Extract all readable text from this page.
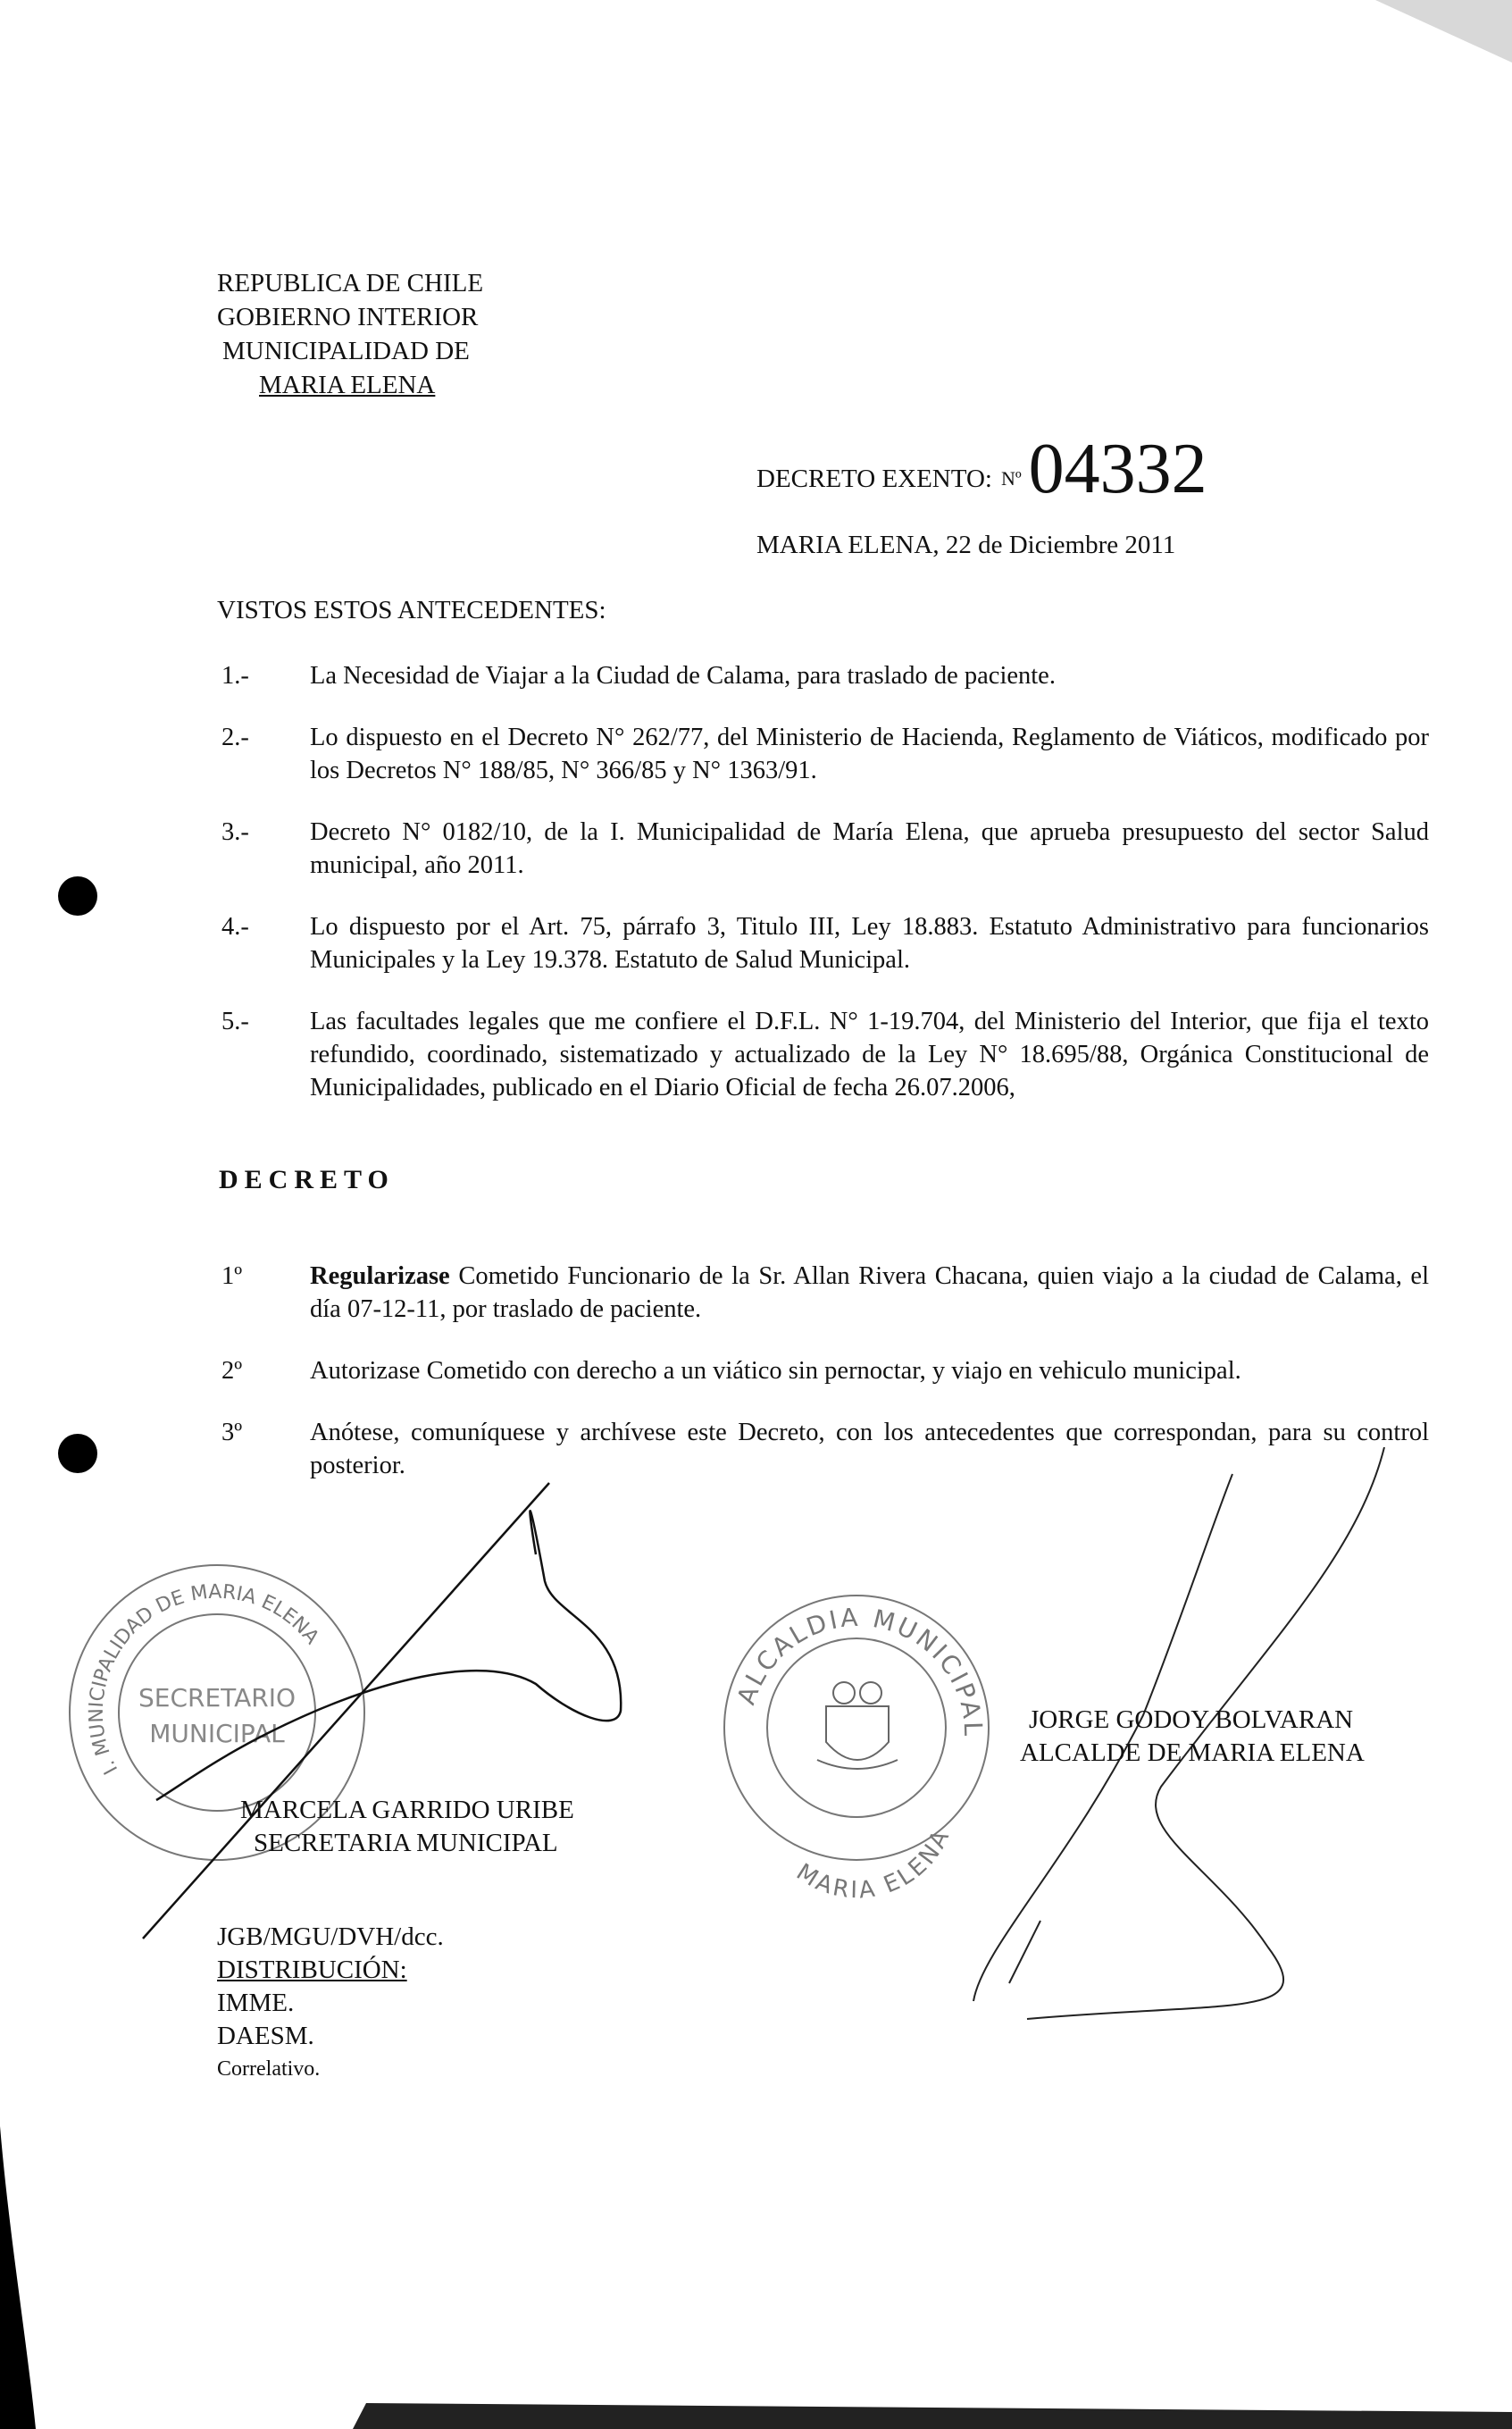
REPUBLICA DE CHILE
GOBIERNO INTERIOR
MUNICIPALIDAD DE
MARIA ELENA
DECRETO EXENTO: Nº 04332
MARIA ELENA, 22 de Diciembre 2011
VISTOS ESTOS ANTECEDENTES:
1.- La Necesidad de Viajar a la Ciudad de Calama, para traslado de paciente.
2.- Lo dispuesto en el Decreto N° 262/77, del Ministerio de Hacienda, Reglamento de Viáticos, modificado por los Decretos N° 188/85, N° 366/85 y N° 1363/91.
3.- Decreto N° 0182/10, de la I. Municipalidad de María Elena, que aprueba presupuesto del sector Salud municipal, año 2011.
4.- Lo dispuesto por el Art. 75, párrafo 3, Titulo III, Ley 18.883. Estatuto Administrativo para funcionarios Municipales y la Ley 19.378. Estatuto de Salud Municipal.
5.- Las facultades legales que me confiere el D.F.L. N° 1-19.704, del Ministerio del Interior, que fija el texto refundido, coordinado, sistematizado y actualizado de la Ley N° 18.695/88, Orgánica Constitucional de Municipalidades, publicado en el Diario Oficial de fecha 26.07.2006,
DECRETO
1º	Regularizase Cometido Funcionario de la Sr. Allan Rivera Chacana, quien viajo a la ciudad de Calama, el día 07-12-11, por traslado de paciente.
2º	Autorizase Cometido con derecho a un viático sin pernoctar, y viajo en vehiculo municipal.
3º	Anótese, comuníquese y archívese este Decreto, con los antecedentes que correspondan, para su control posterior.
I. MUNICIPALIDAD DE MARIA ELENA
SECRETARIO
MUNICIPAL
ALCALDIA MUNICIPAL
MARIA ELENA
MARCELA GARRIDO URIBE
SECRETARIA MUNICIPAL
JORGE GODOY BOLVARAN
ALCALDE DE MARIA ELENA
JGB/MGU/DVH/dcc.
DISTRIBUCIÓN:
IMME.
DAESM.
Correlativo.
